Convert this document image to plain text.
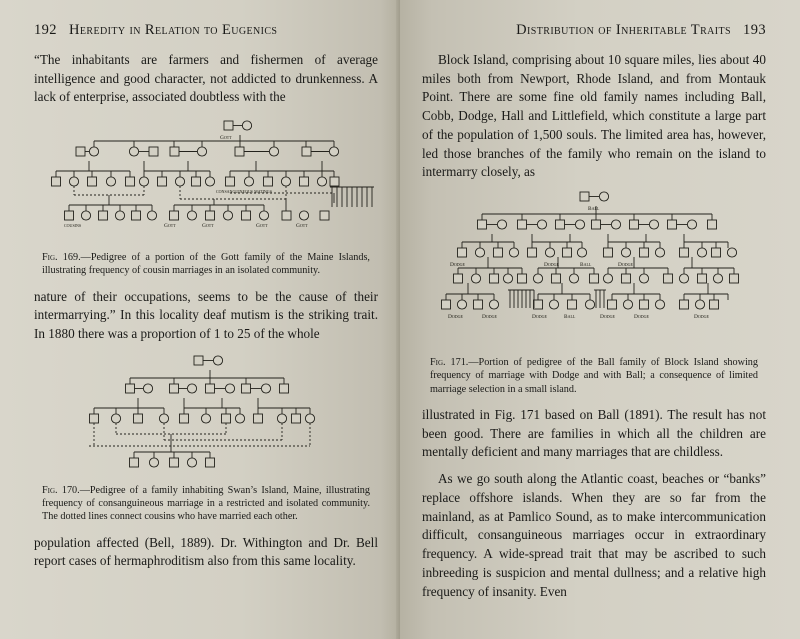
192 Heredity in Relation to Eugenics

“The inhabitants are farmers and fishermen of average intelligence and good character, not addicted to drunkenness. A lack of enterprise, associated doubtless with the

Gott
consanguineous matings
cousins	Gott	Gott	Gott	Gott

Fig. 169.—Pedigree of a portion of the Gott family of the Maine Islands, illustrating frequency of cousin marriages in an isolated community.

nature of their occupations, seems to be the cause of their intermarrying.” In this locality deaf mutism is the striking trait. In 1880 there was a proportion of 1 to 25 of the whole

Fig. 170.—Pedigree of a family inhabiting Swan’s Island, Maine, illustrating frequency of consanguineous marriage in a restricted and isolated community. The dotted lines connect cousins who have married each other.

population affected (Bell, 1889). Dr. Withington and Dr. Bell report cases of hermaphroditism also from this same locality.

Distribution of Inheritable Traits 193

Block Island, comprising about 10 square miles, lies about 40 miles both from Newport, Rhode Island, and from Montauk Point. There are some fine old family names including Ball, Cobb, Dodge, Hall and Littlefield, which constitute a large part of the population of 1,500 souls. The limited area has, however, led those branches of the family who remain on the island to intermarry closely, as

Ball
Dodge	Dodge	Ball	Dodge
Dodge	Dodge	Dodge	Ball	Dodge	Dodge	Dodge

Fig. 171.—Portion of pedigree of the Ball family of Block Island showing frequency of marriage with Dodge and with Ball; a consequence of limited marriage selection in a small island.

illustrated in Fig. 171 based on Ball (1891). The result has not been good. There are families in which all the children are mentally deficient and many marriages that are childless.

As we go south along the Atlantic coast, beaches or “banks” replace offshore islands. When they are so far from the mainland, as at Pamlico Sound, as to make intercommunication difficult, consanguineous marriages occur in extraordinary frequency. A wide-spread trait that may be ascribed to such inbreeding is suspicion and mental dullness; and a relative high frequency of insanity. Even
